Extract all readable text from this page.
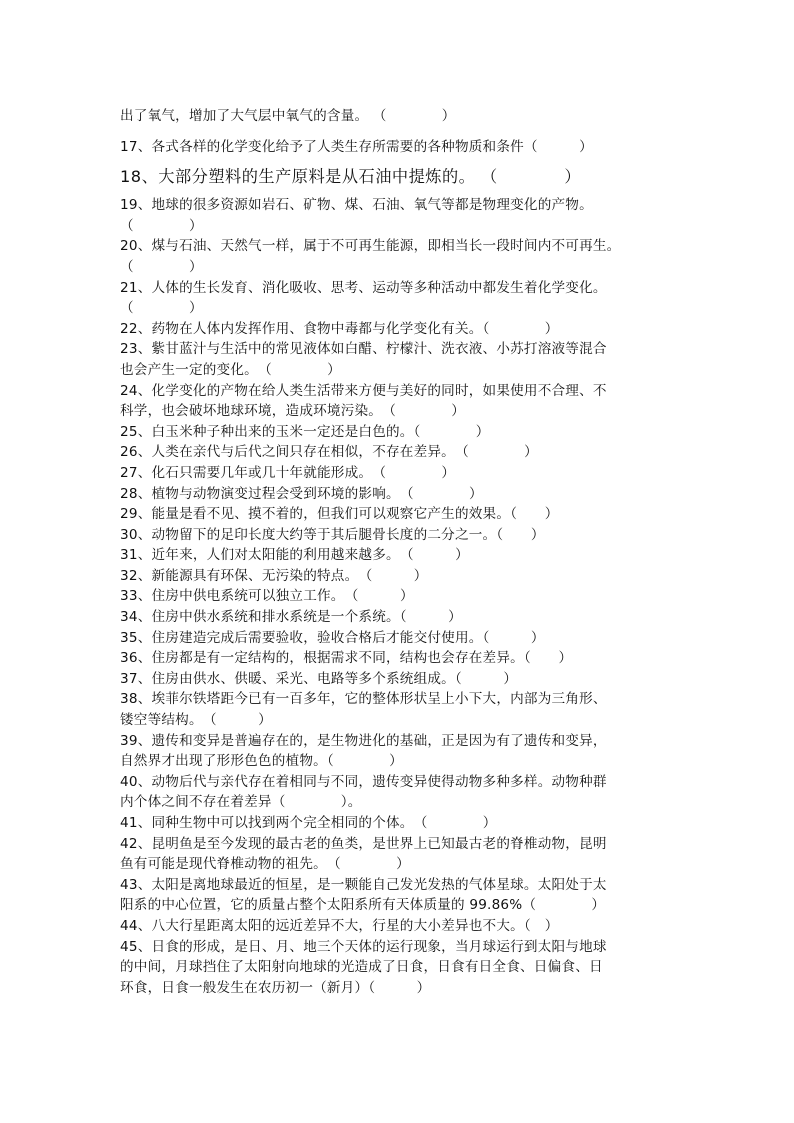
出了氧气，增加了大气层中氧气的含量。 （　　　　）
17、各式各样的化学变化给予了人类生存所需要的各种物质和条件（　　　）
18、大部分塑料的生产原料是从石油中提炼的。 （　　　　）
19、地球的很多资源如岩石、矿物、煤、石油、氧气等都是物理变化的产物。
（　　　　）
20、煤与石油、天然气一样，属于不可再生能源，即相当长一段时间内不可再生。
（　　　　）
21、人体的生长发育、消化吸收、思考、运动等多种活动中都发生着化学变化。
（　　　　）
22、药物在人体内发挥作用、食物中毒都与化学变化有关。（　　　　）
23、紫甘蓝汁与生活中的常见液体如白醋、柠檬汁、洗衣液、小苏打溶液等混合
也会产生一定的变化。　（　　　　）
24、化学变化的产物在给人类生活带来方便与美好的同时，如果使用不合理、不
科学，也会破坏地球环境，造成环境污染。　（　　　　）
25、白玉米种子种出来的玉米一定还是白色的。（　　　　）
26、人类在亲代与后代之间只存在相似，不存在差异。　（　　　　）
27、化石只需要几年或几十年就能形成。　（　　　　）
28、植物与动物演变过程会受到环境的影响。　（　　　　）
29、能量是看不见、摸不着的，但我们可以观察它产生的效果。（　　）
30、动物留下的足印长度大约等于其后腿骨长度的二分之一。（　　）
31、近年来，人们对太阳能的利用越来越多。　（　　　）
32、新能源具有环保、无污染的特点。　（　　　）
33、住房中供电系统可以独立工作。　（　　　）
34、住房中供水系统和排水系统是一个系统。（　　　）
35、住房建造完成后需要验收，验收合格后才能交付使用。（　　　）
36、住房都是有一定结构的，根据需求不同，结构也会存在差异。（　　）
37、住房由供水、供暖、采光、电路等多个系统组成。（　　　）
38、埃菲尔铁塔距今已有一百多年，它的整体形状呈上小下大，内部为三角形、
镂空等结构。　（　　　）
39、遗传和变异是普遍存在的，是生物进化的基础，正是因为有了遗传和变异，
自然界才出现了形形色色的植物。（　　　　）
40、动物后代与亲代存在着相同与不同，遗传变异使得动物多种多样。动物种群
内个体之间不存在着差异（　　　　）。
41、同种生物中可以找到两个完全相同的个体。　（　　　　）
42、昆明鱼是至今发现的最古老的鱼类，是世界上已知最古老的脊椎动物，昆明
鱼有可能是现代脊椎动物的祖先。　（　　　　）
43、太阳是离地球最近的恒星，是一颗能自己发光发热的气体星球。太阳处于太
阳系的中心位置，它的质量占整个太阳系所有天体质量的 99.86%（　　　　）
44、八大行星距离太阳的远近差异不大，行星的大小差异也不大。（　）
45、日食的形成，是日、月、地三个天体的运行现象，当月球运行到太阳与地球
的中间，月球挡住了太阳射向地球的光造成了日食，日食有日全食、日偏食、日
环食，日食一般发生在农历初一（新月）（　　　）
